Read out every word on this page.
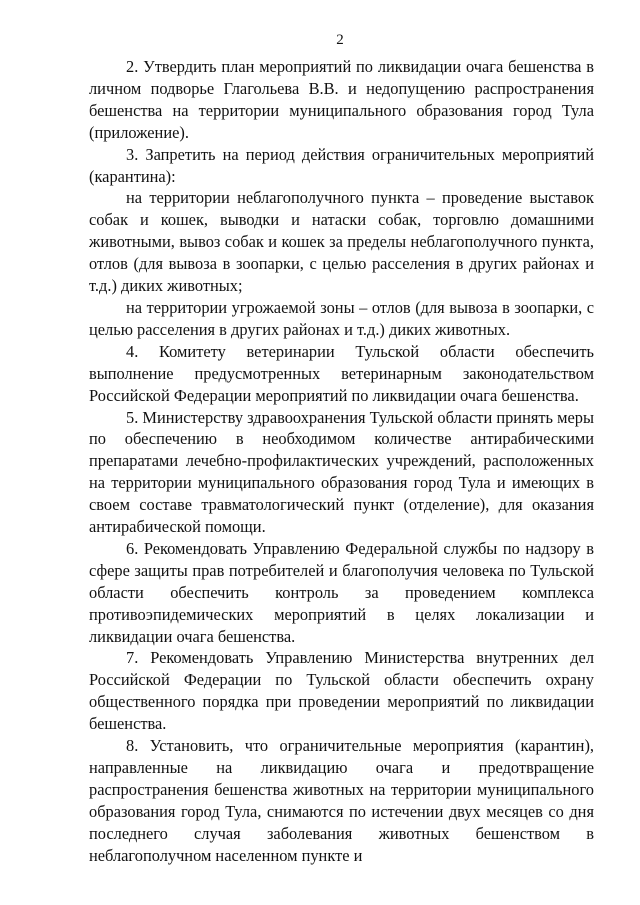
2

2. Утвердить план мероприятий по ликвидации очага бешенства в личном подворье Глагольева В.В. и недопущению распространения бешенства на территории муниципального образования город Тула (приложение).

3. Запретить на период действия ограничительных мероприятий (карантина):

на территории неблагополучного пункта – проведение выставок собак и кошек, выводки и натаски собак, торговлю домашними животными, вывоз собак и кошек за пределы неблагополучного пункта, отлов (для вывоза в зоопарки, с целью расселения в других районах и т.д.) диких животных;

на территории угрожаемой зоны – отлов (для вывоза в зоопарки, с целью расселения в других районах и т.д.) диких животных.

4. Комитету ветеринарии Тульской области обеспечить выполнение предусмотренных ветеринарным законодательством Российской Федерации мероприятий по ликвидации очага бешенства.

5. Министерству здравоохранения Тульской области принять меры по обеспечению в необходимом количестве антирабическими препаратами лечебно-профилактических учреждений, расположенных на территории муниципального образования город Тула и имеющих в своем составе травматологический пункт (отделение), для оказания антирабической помощи.

6. Рекомендовать Управлению Федеральной службы по надзору в сфере защиты прав потребителей и благополучия человека по Тульской области обеспечить контроль за проведением комплекса противоэпидемических мероприятий в целях локализации и ликвидации очага бешенства.

7. Рекомендовать Управлению Министерства внутренних дел Российской Федерации по Тульской области обеспечить охрану общественного порядка при проведении мероприятий по ликвидации бешенства.

8. Установить, что ограничительные мероприятия (карантин), направленные на ликвидацию очага и предотвращение распространения бешенства животных на территории муниципального образования город Тула, снимаются по истечении двух месяцев со дня последнего случая заболевания животных бешенством в неблагополучном населенном пункте и
